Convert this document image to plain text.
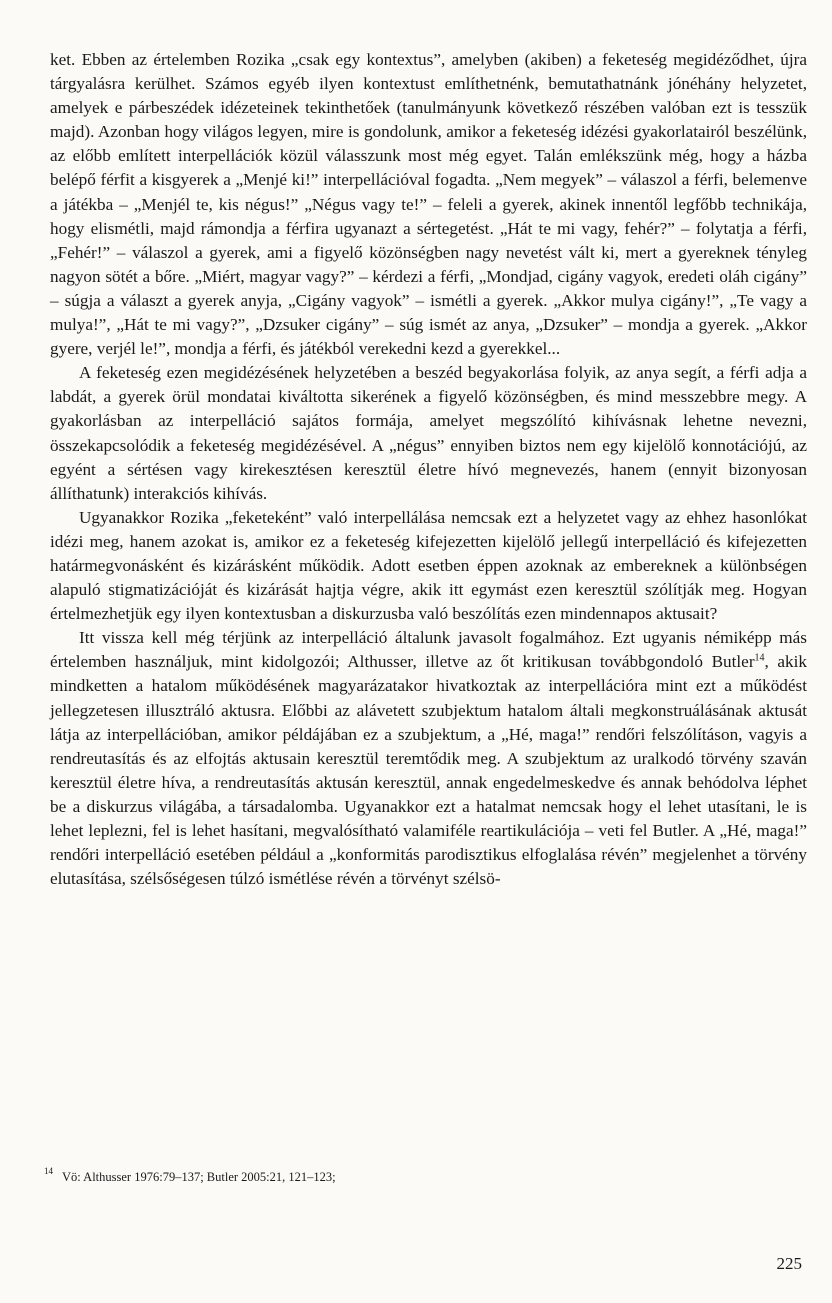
ket. Ebben az értelemben Rozika „csak egy kontextus”, amelyben (akiben) a feketeség megidéződhet, újra tárgyalásra kerülhet. Számos egyéb ilyen kontextust említhetnénk, bemutathatnánk jónéhány helyzetet, amelyek e párbeszédek idézeteinek tekinthetőek (tanulmányunk következő részében valóban ezt is tesszük majd). Azonban hogy világos legyen, mire is gondolunk, amikor a feketeség idézési gyakorlatairól beszélünk, az előbb említett interpellációk közül válasszunk most még egyet. Talán emlékszünk még, hogy a házba belépő férfit a kisgyerek a „Menjé ki!” interpellációval fogadta. „Nem megyek” – válaszol a férfi, belemenve a játékba – „Menjél te, kis négus!” „Négus vagy te!” – feleli a gyerek, akinek innentől legfőbb technikája, hogy elismétli, majd rámondja a férfira ugyanazt a sértegetést. „Hát te mi vagy, fehér?” – folytatja a férfi, „Fehér!” – válaszol a gyerek, ami a figyelő közönségben nagy nevetést vált ki, mert a gyereknek tényleg nagyon sötét a bőre. „Miért, magyar vagy?” – kérdezi a férfi, „Mondjad, cigány vagyok, eredeti oláh cigány” – súgja a választ a gyerek anyja, „Cigány vagyok” – ismétli a gyerek. „Akkor mulya cigány!”, „Te vagy a mulya!”, „Hát te mi vagy?”, „Dzsuker cigány” – súg ismét az anya, „Dzsuker” – mondja a gyerek. „Akkor gyere, verjél le!”, mondja a férfi, és játékból verekedni kezd a gyerekkel...

A feketeség ezen megidézésének helyzetében a beszéd begyakorlása folyik, az anya segít, a férfi adja a labdát, a gyerek örül mondatai kiváltotta sikerének a figyelő közönségben, és mind messzebbre megy. A gyakorlásban az interpelláció sajátos formája, amelyet megszólító kihívásnak lehetne nevezni, összekapcsolódik a feketeség megidézésével. A „négus” ennyiben biztos nem egy kijelölő konnotációjú, az egyént a sértésen vagy kirekesztésen keresztül életre hívó megnevezés, hanem (ennyit bizonyosan állíthatunk) interakciós kihívás.

Ugyanakkor Rozika „feketeként” való interpellálása nemcsak ezt a helyzetet vagy az ehhez hasonlókat idézi meg, hanem azokat is, amikor ez a feketeség kifejezetten kijelölő jellegű interpelláció és kifejezetten határmegvonásként és kizárásként működik. Adott esetben éppen azoknak az embereknek a különbségen alapuló stigmatizációját és kizárását hajtja végre, akik itt egymást ezen keresztül szólítják meg. Hogyan értelmezhetjük egy ilyen kontextusban a diskurzusba való beszólítás ezen mindennapos aktusait?

Itt vissza kell még térjünk az interpelláció általunk javasolt fogalmához. Ezt ugyanis némiképp más értelemben használjuk, mint kidolgozói; Althusser, illetve az őt kritikusan továbbgondoló Butler$^{14}$, akik mindketten a hatalom működésének magyarázatakor hivatkoztak az interpellációra mint ezt a működést jellegzetesen illusztráló aktusra. Előbbi az alávetett szubjektum hatalom általi megkonstruálásának aktusát látja az interpellációban, amikor példájában ez a szubjektum, a „Hé, maga!” rendőri felszólításon, vagyis a rendreutasítás és az elfojtás aktusain keresztül teremtődik meg. A szubjektum az uralkodó törvény szaván keresztül életre híva, a rendreutasítás aktusán keresztül, annak engedelmeskedve és annak behódolva léphet be a diskurzus világába, a társadalomba. Ugyanakkor ezt a hatalmat nemcsak hogy el lehet utasítani, le is lehet leplezni, fel is lehet hasítani, megvalósítható valamiféle reartikulációja – veti fel Butler. A „Hé, maga!” rendőri interpelláció esetében például a „konformitás parodisztikus elfoglalása révén” megjelenhet a törvény elutasítása, szélsőségesen túlzó ismétlése révén a törvényt szélsö-

14 Vö: Althusser 1976:79–137; Butler 2005:21, 121–123;
225
